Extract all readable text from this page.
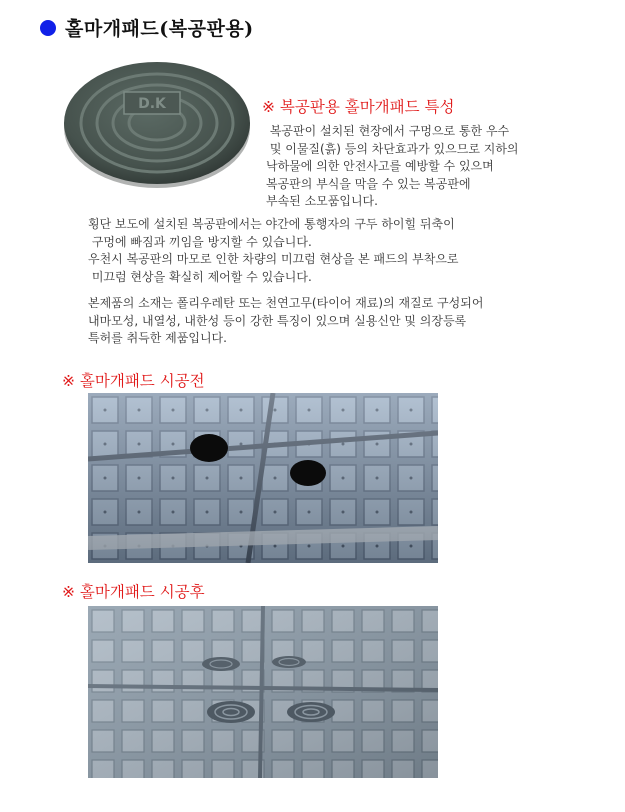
홀마개패드(복공판용)
D.K	※ 복공판용 홀마개패드 특성
복공판이 설치된 현장에서 구멍으로 통한 우수
및 이물질(흙) 등의 차단효과가 있으므로 지하의
낙하물에 의한 안전사고를 예방할 수 있으며
복공판의 부식을 막을 수 있는 복공판에
부속된 소모품입니다.
횡단 보도에 설치된 복공판에서는 야간에 통행자의 구두 하이힐 뒤축이
구멍에 빠짐과 끼임을 방지할 수 있습니다.
우천시 복공판의 마모로 인한 차량의 미끄럼 현상을 본 패드의 부착으로
미끄럼 현상을 확실히 제어할 수 있습니다.
본제품의 소재는 폴리우레탄 또는 천연고무(타이어 재료)의 재질로 구성되어
내마모성, 내열성, 내한성 등이 강한 특징이 있으며 실용신안 및 의장등록
특허를 취득한 제품입니다.
※ 홀마개패드 시공전
※ 홀마개패드 시공후
